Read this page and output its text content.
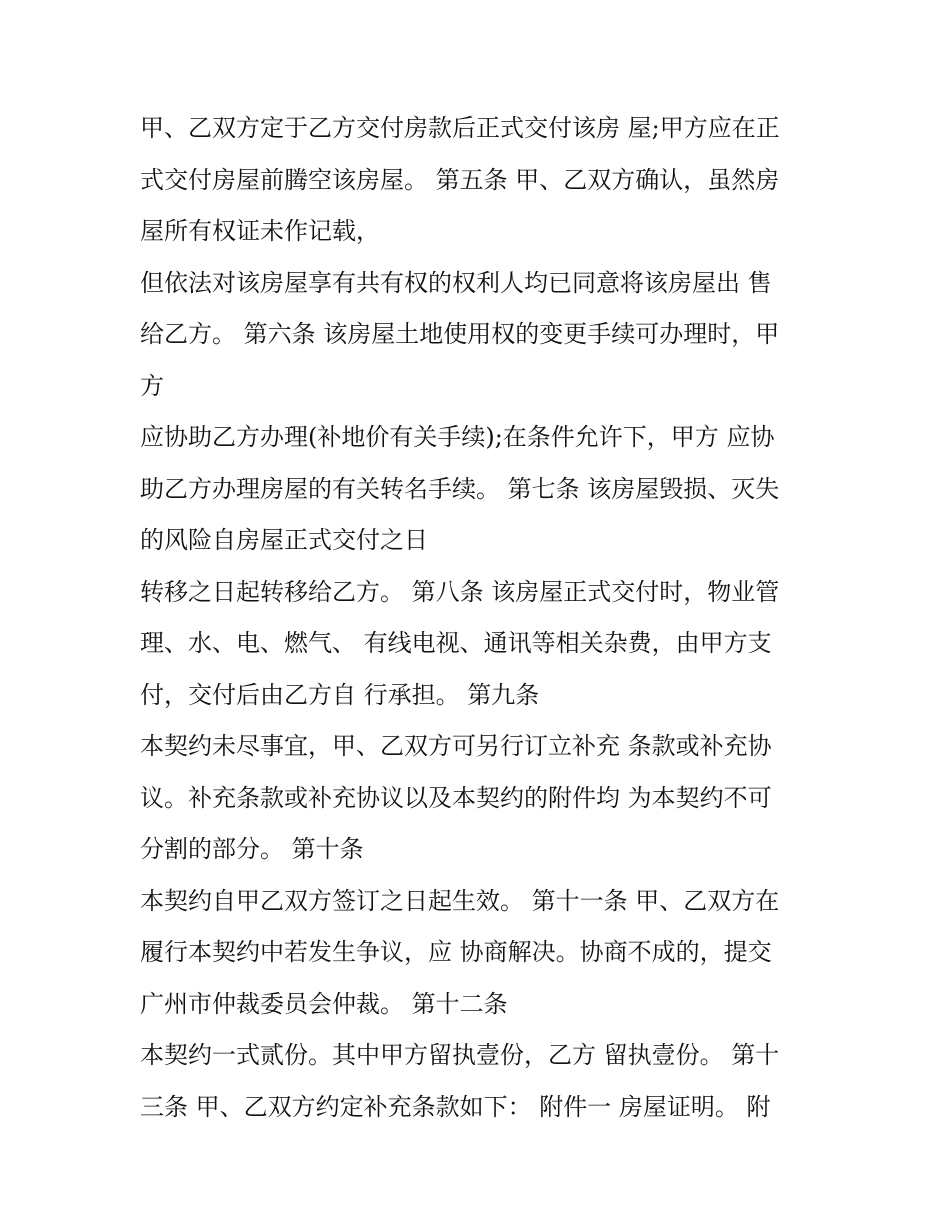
甲、乙双方定于乙方交付房款后正式交付该房 屋;甲方应在正
式交付房屋前腾空该房屋。 第五条 甲、乙双方确认，虽然房
屋所有权证未作记载，
但依法对该房屋享有共有权的权利人均已同意将该房屋出 售
给乙方。 第六条 该房屋土地使用权的变更手续可办理时，甲
方
应协助乙方办理(补地价有关手续);在条件允许下，甲方 应协
助乙方办理房屋的有关转名手续。 第七条 该房屋毁损、灭失
的风险自房屋正式交付之日
转移之日起转移给乙方。 第八条 该房屋正式交付时，物业管
理、水、电、燃气、 有线电视、通讯等相关杂费，由甲方支
付，交付后由乙方自 行承担。 第九条
本契约未尽事宜，甲、乙双方可另行订立补充 条款或补充协
议。补充条款或补充协议以及本契约的附件均 为本契约不可
分割的部分。 第十条
本契约自甲乙双方签订之日起生效。 第十一条 甲、乙双方在
履行本契约中若发生争议，应 协商解决。协商不成的，提交
广州市仲裁委员会仲裁。 第十二条
本契约一式贰份。其中甲方留执壹份，乙方 留执壹份。 第十
三条 甲、乙双方约定补充条款如下： 附件一 房屋证明。 附
